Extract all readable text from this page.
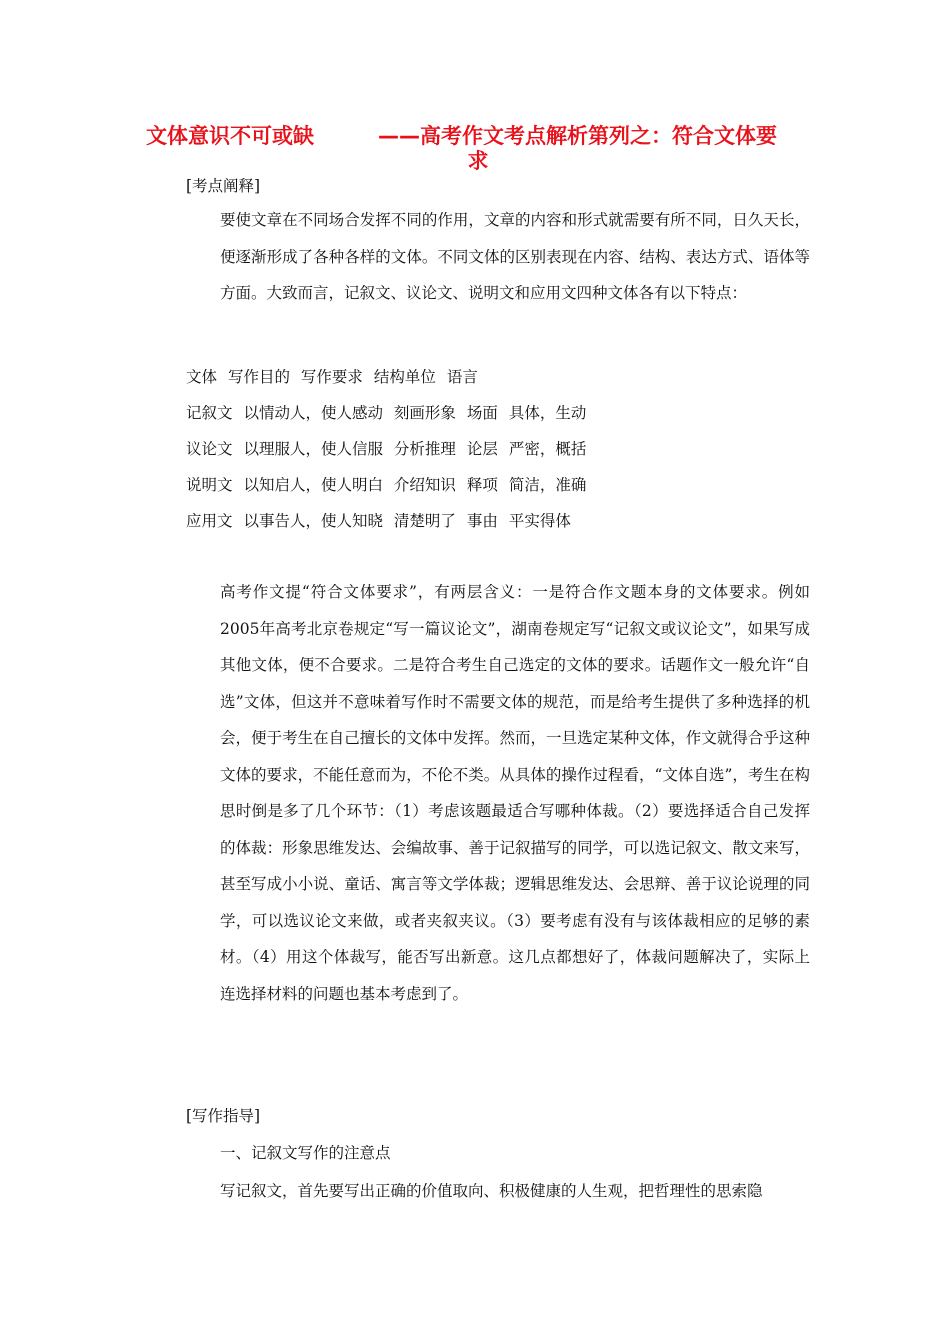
文体意识不可或缺	——高考作文考点解析第列之：符合文体要
求
[考点阐释]
要使文章在不同场合发挥不同的作用，文章的内容和形式就需要有所不同，日久天长，便逐渐形成了各种各样的文体。不同文体的区别表现在内容、结构、表达方式、语体等方面。大致而言，记叙文、议论文、说明文和应用文四种文体各有以下特点：
文体 写作目的 写作要求 结构单位 语言
记叙文 以情动人，使人感动 刻画形象 场面 具体，生动
议论文 以理服人，使人信服 分析推理 论层 严密，概括
说明文 以知启人，使人明白 介绍知识 释项 简洁，准确
应用文 以事告人，使人知晓 清楚明了 事由 平实得体
高考作文提“符合文体要求”，有两层含义：一是符合作文题本身的文体要求。例如2005年高考北京卷规定“写一篇议论文”，湖南卷规定写“记叙文或议论文”，如果写成其他文体，便不合要求。二是符合考生自己选定的文体的要求。话题作文一般允许“自选”文体，但这并不意味着写作时不需要文体的规范，而是给考生提供了多种选择的机会，便于考生在自己擅长的文体中发挥。然而，一旦选定某种文体，作文就得合乎这种文体的要求，不能任意而为，不伦不类。从具体的操作过程看，“文体自选”，考生在构思时倒是多了几个环节：（1）考虑该题最适合写哪种体裁。（2）要选择适合自己发挥的体裁：形象思维发达、会编故事、善于记叙描写的同学，可以选记叙文、散文来写，甚至写成小小说、童话、寓言等文学体裁；逻辑思维发达、会思辩、善于议论说理的同学，可以选议论文来做，或者夹叙夹议。（3）要考虑有没有与该体裁相应的足够的素材。（4）用这个体裁写，能否写出新意。这几点都想好了，体裁问题解决了，实际上连选择材料的问题也基本考虑到了。
[写作指导]
一、记叙文写作的注意点
写记叙文，首先要写出正确的价值取向、积极健康的人生观，把哲理性的思索隐
